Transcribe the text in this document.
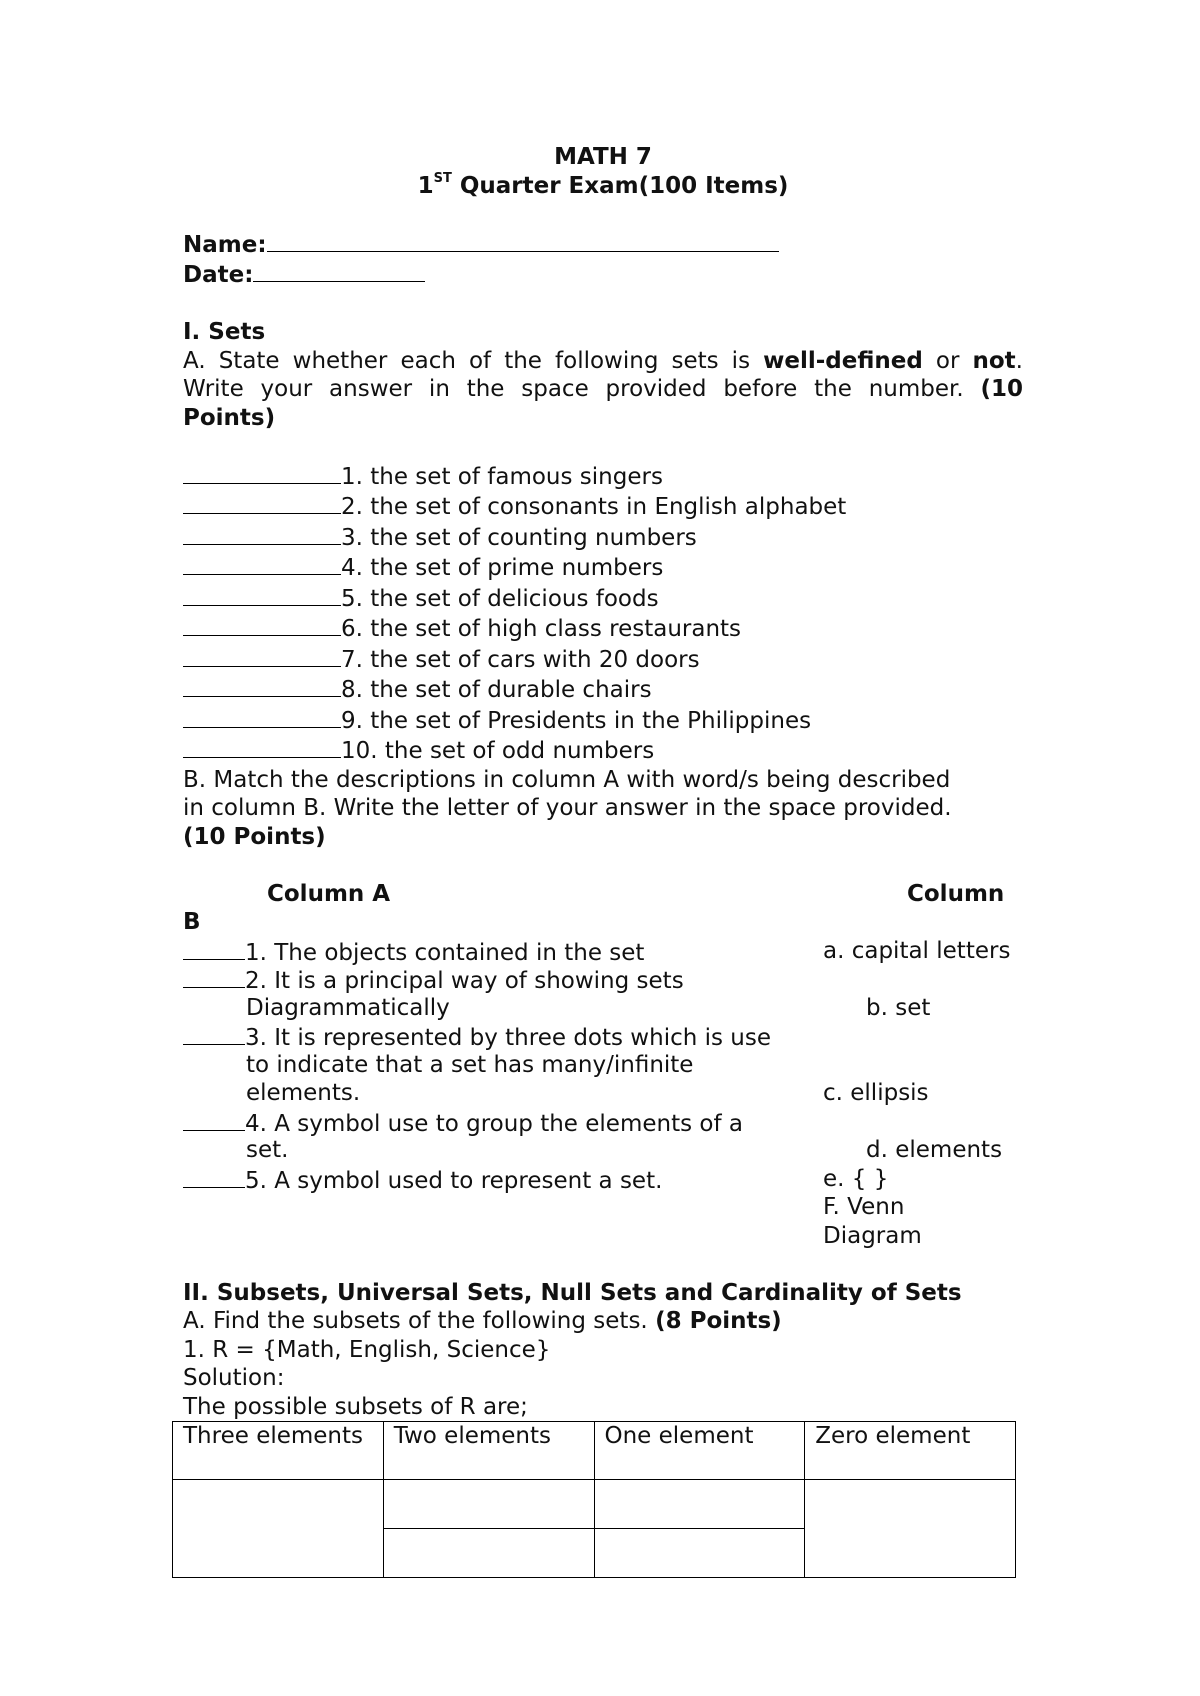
MATH 7
1ST Quarter Exam(100 Items)
Name:
Date:
I. Sets
A. State whether each of the following sets is well-defined or not.
Write your answer in the space provided before the number. (10
Points)
1. the set of famous singers
2. the set of consonants in English alphabet
3. the set of counting numbers
4. the set of prime numbers
5. the set of delicious foods
6. the set of high class restaurants
7. the set of cars with 20 doors
8. the set of durable chairs
9. the set of Presidents in the Philippines
10. the set of odd numbers
B. Match the descriptions in column A with word/s being described
in column B. Write the letter of your answer in the space provided.
(10 Points)
Column A	Column
B
1. The objects contained in the set	a. capital letters
2. It is a principal way of showing sets
Diagrammatically	b. set
3. It is represented by three dots which is use
to indicate that a set has many/infinite
elements.	c. ellipsis
4. A symbol use to group the elements of a
set.	d. elements
5. A symbol used to represent a set.	e. { }
F. Venn
Diagram
II. Subsets, Universal Sets, Null Sets and Cardinality of Sets
A. Find the subsets of the following sets. (8 Points)
1. R = {Math, English, Science}
Solution:
The possible subsets of R are;
Three elements	Two elements	One element	Zero element
